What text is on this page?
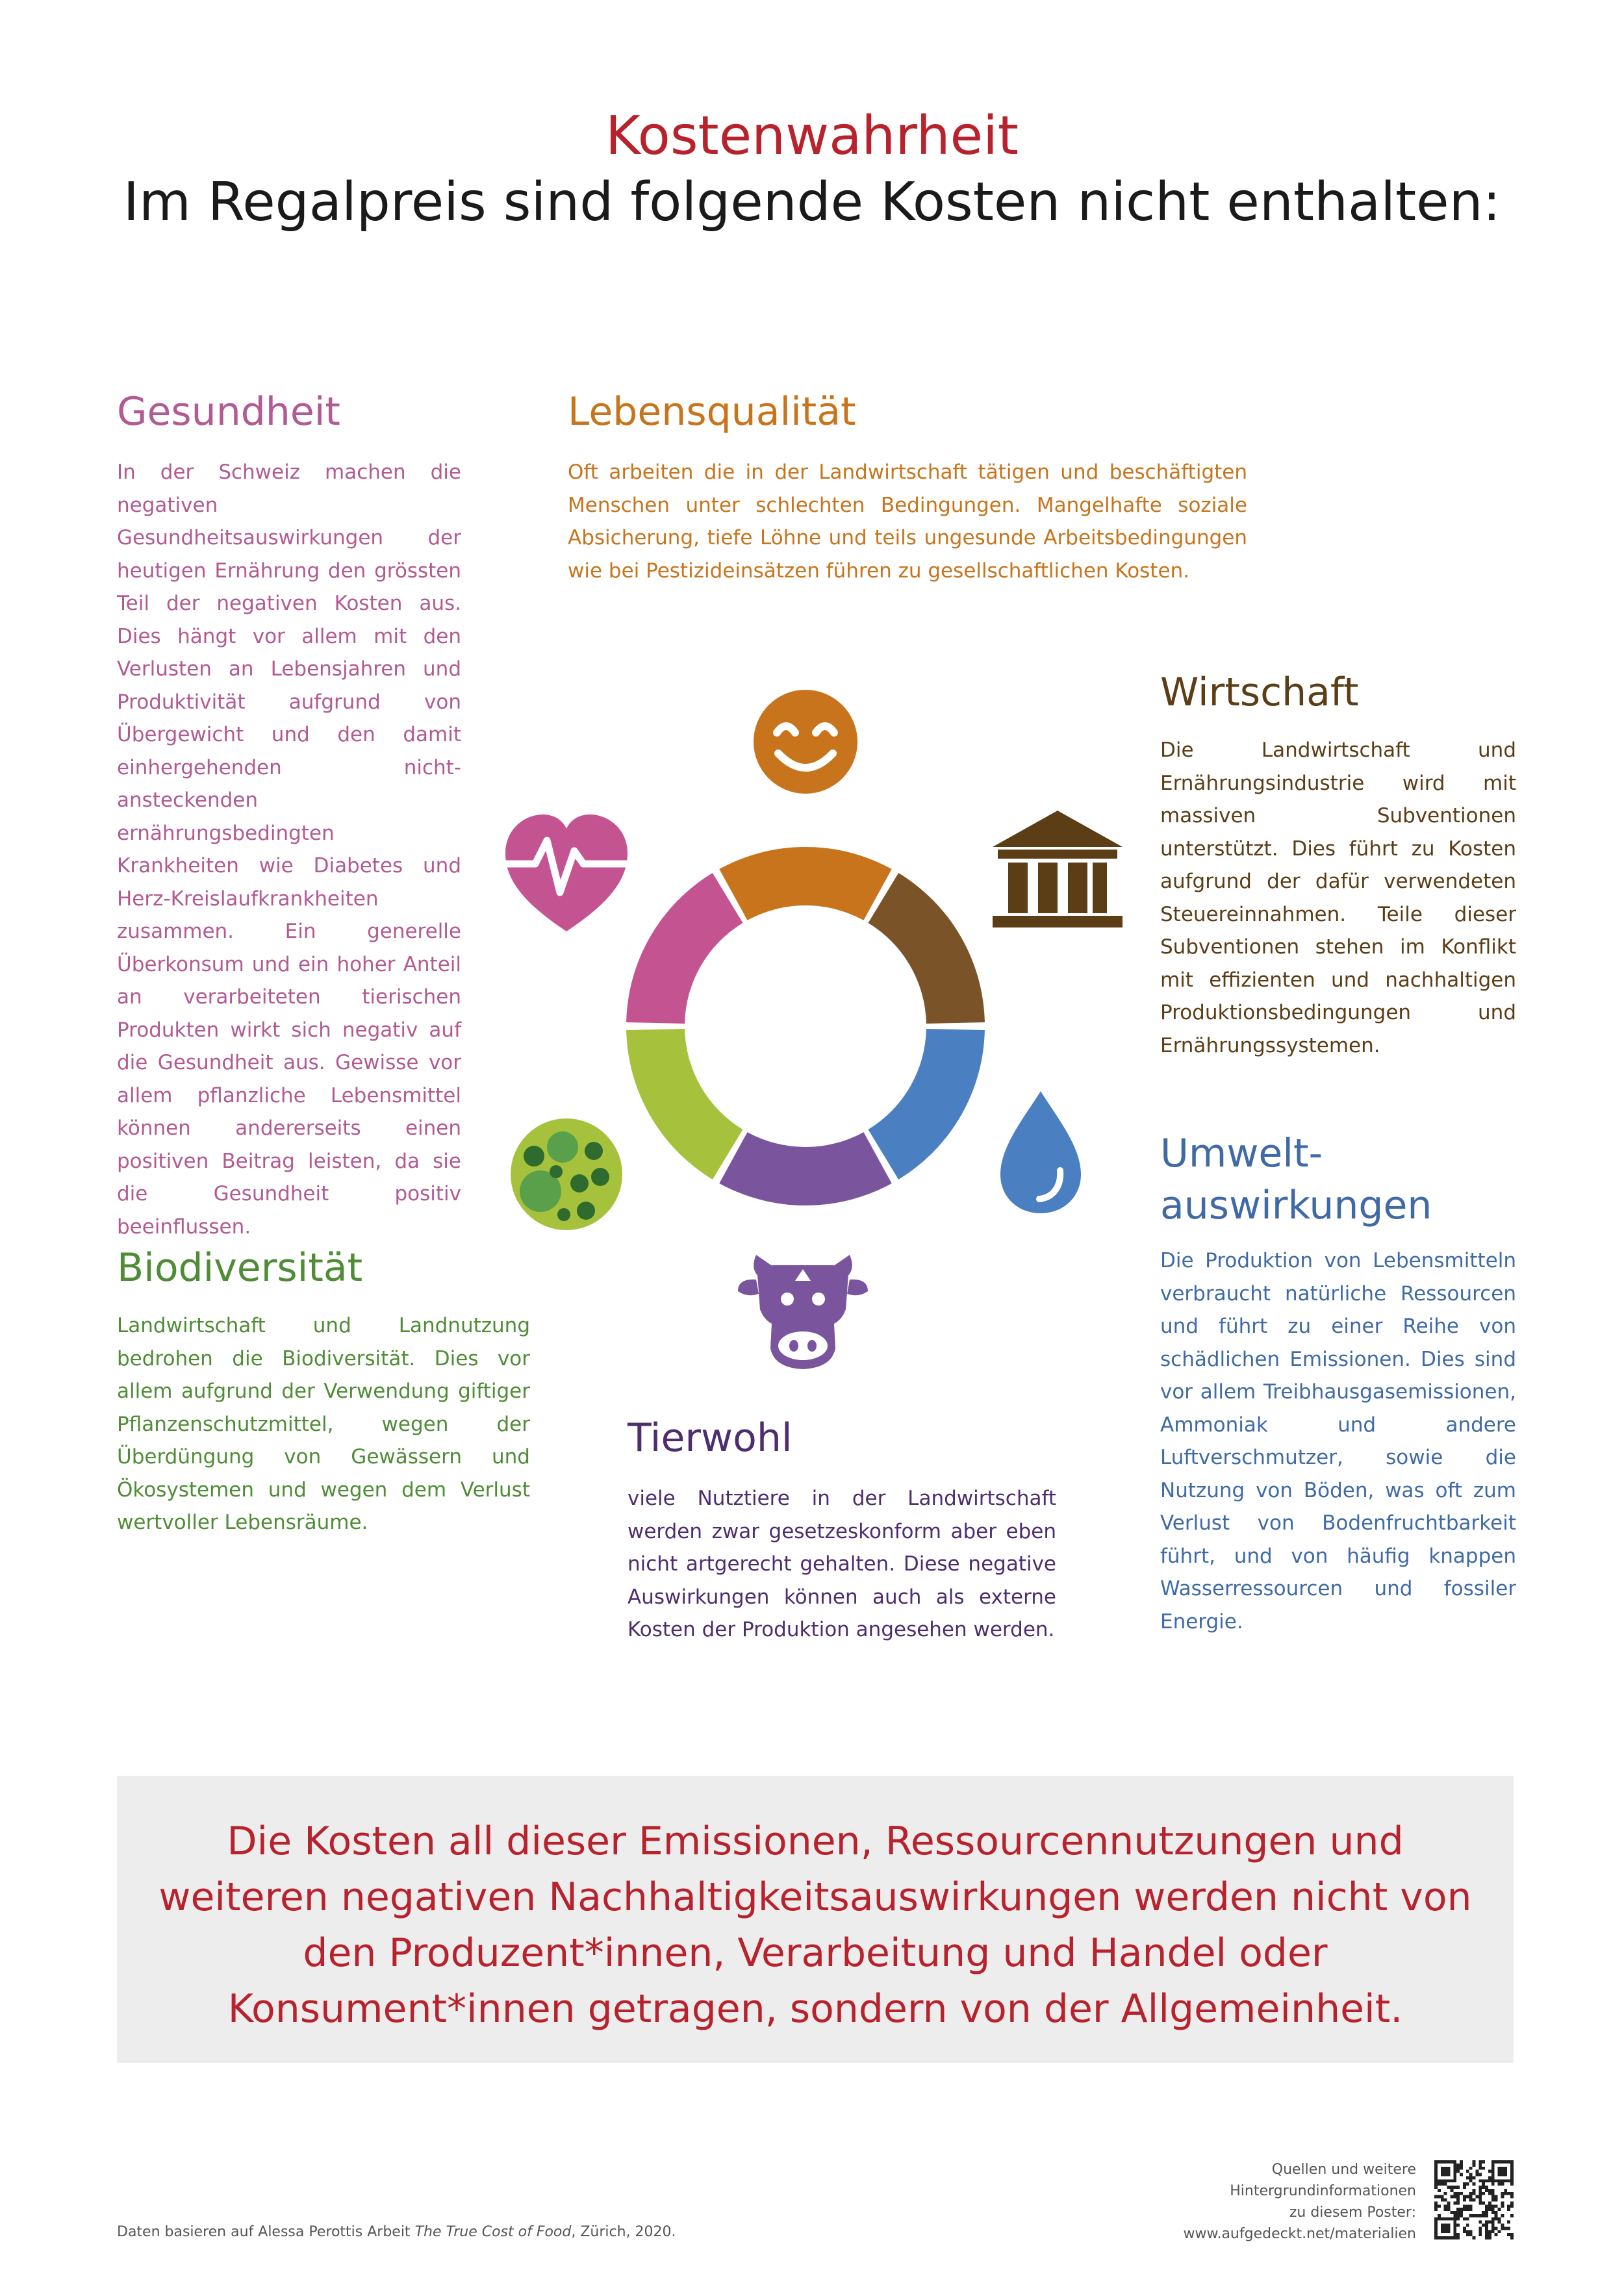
Kostenwahrheit
Im Regalpreis sind folgende Kosten nicht enthalten:
Gesundheit
In der Schweiz machen die negativen Gesundheitsauswirkungen der heutigen Ernährung den grössten Teil der negativen Kosten aus. Dies hängt vor allem mit den Verlusten an Lebensjahren und Produktivität aufgrund von Übergewicht und den damit einhergehenden nicht-ansteckenden ernährungsbedingten Krankheiten wie Diabetes und Herz-Kreislaufkrankheiten zusammen. Ein generelle Überkonsum und ein hoher Anteil an verarbeiteten tierischen Produkten wirkt sich negativ auf die Gesundheit aus. Gewisse vor allem pflanzliche Lebensmittel können andererseits einen positiven Beitrag leisten, da sie die Gesundheit positiv beeinflussen.
Lebensqualität
Oft arbeiten die in der Landwirtschaft tätigen und beschäftigten Menschen unter schlechten Bedingungen. Mangelhafte soziale Absicherung, tiefe Löhne und teils ungesunde Arbeitsbedingungen wie bei Pestizideinsätzen führen zu gesellschaftlichen Kosten.
Wirtschaft
Die Landwirtschaft und Ernährungsindustrie wird mit massiven Subventionen unterstützt. Dies führt zu Kosten aufgrund der dafür verwendeten Steuereinnahmen. Teile dieser Subventionen stehen im Konflikt mit effizienten und nachhaltigen Produktionsbedingungen und Ernährungssystemen.
Umwelt-auswirkungen
Die Produktion von Lebensmitteln verbraucht natürliche Ressourcen und führt zu einer Reihe von schädlichen Emissionen. Dies sind vor allem Treibhausgasemissionen, Ammoniak und andere Luftverschmutzer, sowie die Nutzung von Böden, was oft zum Verlust von Bodenfruchtbarkeit führt, und von häufig knappen Wasserressourcen und fossiler Energie.
Biodiversität
Landwirtschaft und Landnutzung bedrohen die Biodiversität. Dies vor allem aufgrund der Verwendung giftiger Pflanzenschutzmittel, wegen der Überdüngung von Gewässern und Ökosystemen und wegen dem Verlust wertvoller Lebensräume.
Tierwohl
viele Nutztiere in der Landwirtschaft werden zwar gesetzeskonform aber eben nicht artgerecht gehalten. Diese negative Auswirkungen können auch als externe Kosten der Produktion angesehen werden.
Die Kosten all dieser Emissionen, Ressourcennutzungen und weiteren negativen Nachhaltigkeitsauswirkungen werden nicht von den Produzent*innen, Verarbeitung und Handel oder Konsument*innen getragen, sondern von der Allgemeinheit.
Daten basieren auf Alessa Perottis Arbeit The True Cost of Food, Zürich, 2020.
Quellen und weitere
Hintergrundinformationen
zu diesem Poster:
www.aufgedeckt.net/materialien
